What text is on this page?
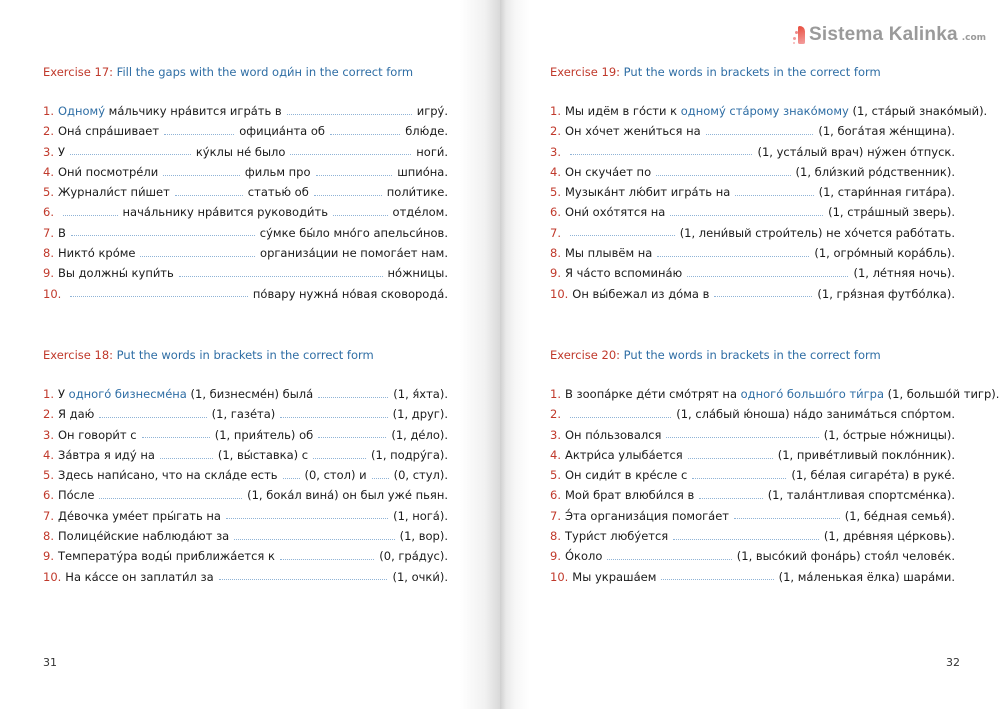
Exercise 17: Fill the gaps with the word оди́н in the correct form
1. Одному́ ма́льчику нра́вится игра́ть в	игру́.
2. Она́ спра́шивает	официа́нта об	блю́де.
3. У	ку́клы не́ было	ноги́.
4. Они́ посмотре́ли	фильм про	шпио́на.
5. Журнали́ст пи́шет	статью́ об	поли́тике.
6.	нача́льнику нра́вится руководи́ть	отде́лом.
7. В	су́мке бы́ло мно́го апельси́нов.
8. Никто́ кро́ме	организа́ции не помога́ет нам.
9. Вы должны́ купи́ть	но́жницы.
10.	по́вару нужна́ но́вая сковорода́.
Exercise 18: Put the words in brackets in the correct form
1. У одного́ бизнесме́на (1, бизнесме́н) была́	(1, я́хта).
2. Я даю́	(1, газе́та)	(1, друг).
3. Он говори́т с	(1, прия́тель) об	(1, де́ло).
4. За́втра я иду́ на	(1, вы́ставка) с	(1, подру́га).
5. Здесь напи́сано, что на скла́де есть (0, стол) и (0, стул).
6. По́сле	(1, бока́л вина́) он был уже́ пьян.
7. Де́вочка уме́ет пры́гать на	(1, нога́).
8. Полице́йские наблюда́ют за	(1, вор).
9. Температу́ра воды́ приближа́ется к	(0, гра́дус).
10. На ка́ссе он заплати́л за	(1, очки́).
31
Sistema Kalinka .com
Exercise 19: Put the words in brackets in the correct form
1. Мы идём в го́сти к одному́ ста́рому знако́мому (1, ста́рый знако́мый).
2. Он хо́чет жени́ться на	(1, бога́тая же́нщина).
3.	(1, уста́лый врач) ну́жен о́тпуск.
4. Он скуча́ет по	(1, бли́зкий ро́дственник).
5. Музыка́нт лю́бит игра́ть на	(1, стари́нная гита́ра).
6. Они́ охо́тятся на	(1, стра́шный зверь).
7.	(1, лени́вый строи́тель) не хо́чется рабо́тать.
8. Мы плывём на	(1, огро́мный кора́бль).
9. Я ча́сто вспомина́ю	(1, ле́тняя ночь).
10. Он вы́бежал из до́ма в	(1, гря́зная футбо́лка).
Exercise 20: Put the words in brackets in the correct form
1. В зоопа́рке де́ти смо́трят на одного́ большо́го ти́гра (1, большо́й тигр).
2.	(1, сла́бый ю́ноша) на́до занима́ться спо́ртом.
3. Он по́льзовался	(1, о́стрые но́жницы).
4. Актри́са улыба́ется	(1, приве́тливый покло́нник).
5. Он сиди́т в кре́сле с	(1, бе́лая сигаре́та) в руке́.
6. Мой брат влюби́лся в	(1, тала́нтливая спортсме́нка).
7. Э́та организа́ция помога́ет	(1, бе́дная семья́).
8. Тури́ст любу́ется	(1, дре́вняя це́рковь).
9. О́коло	(1, высо́кий фона́рь) стоя́л челове́к.
10. Мы украша́ем	(1, ма́ленькая ёлка) шара́ми.
32
